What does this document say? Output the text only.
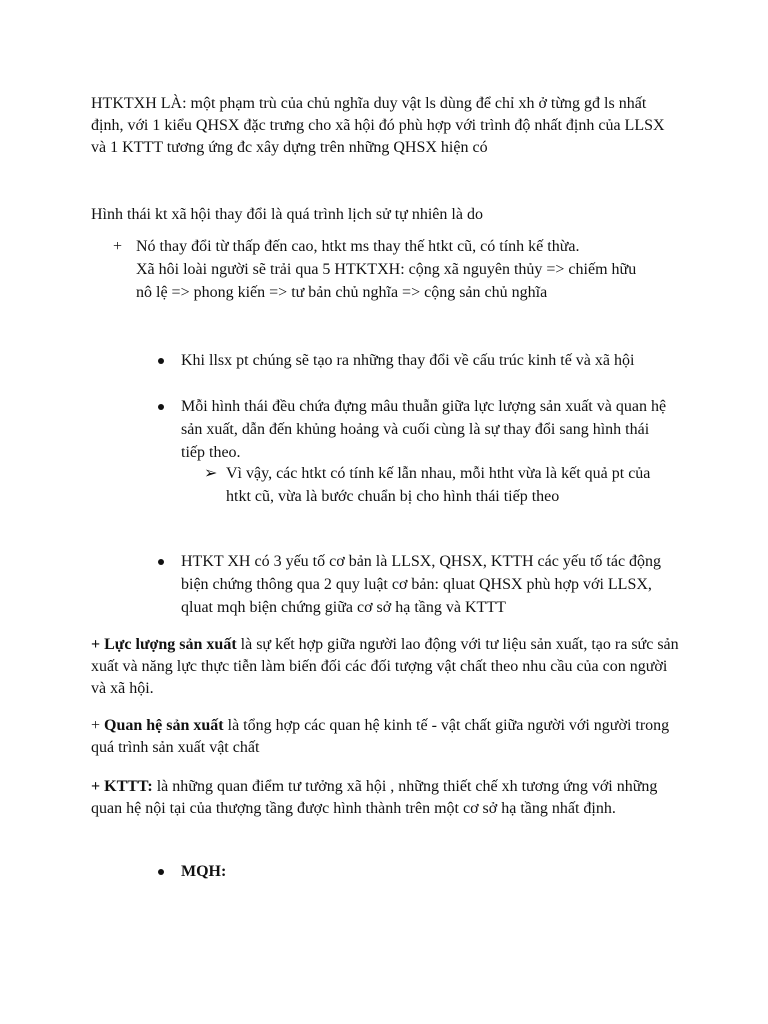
HTKTXH LÀ: một phạm trù của chủ nghĩa duy vật ls dùng để chỉ xh ở từng gđ ls nhất định, với 1 kiểu QHSX đặc trưng cho xã hội đó phù hợp với trình độ nhất định của LLSX và 1 KTTT tương ứng đc xây dựng trên những QHSX hiện có

Hình thái kt xã hội thay đổi là quá trình lịch sử tự nhiên là do

+ Nó thay đổi từ thấp đến cao, htkt ms thay thế htkt cũ, có tính kế thừa.
Xã hôi loài người sẽ trải qua 5 HTKTXH: cộng xã nguyên thủy => chiếm hữu nô lệ => phong kiến => tư bản chủ nghĩa => cộng sản chủ nghĩa
Khi llsx pt chúng sẽ tạo ra những thay đổi về cấu trúc kinh tế và xã hội
Mỗi hình thái đều chứa đựng mâu thuẫn giữa lực lượng sản xuất và quan hệ sản xuất, dẫn đến khủng hoảng và cuối cùng là sự thay đổi sang hình thái tiếp theo.
➢ Vì vậy, các htkt có tính kế lẫn nhau, mỗi htht vừa là kết quả pt của htkt cũ, vừa là bước chuẩn bị cho hình thái tiếp theo
HTKT XH có 3 yếu tố cơ bản là LLSX, QHSX, KTTH các yếu tố tác động biện chứng thông qua 2 quy luật cơ bản: qluat QHSX phù hợp với LLSX, qluat mqh biện chứng giữa cơ sở hạ tầng và KTTT

+ Lực lượng sản xuất là sự kết hợp giữa người lao động với tư liệu sản xuất, tạo ra sức sản xuất và năng lực thực tiễn làm biến đối các đối tượng vật chất theo nhu cầu của con người và xã hội.

+ Quan hệ sản xuất là tổng hợp các quan hệ kinh tế - vật chất giữa người với người trong quá trình sản xuất vật chất

+ KTTT: là những quan điểm tư tưởng xã hội , những thiết chế xh tương ứng với những quan hệ nội tại của thượng tầng được hình thành trên một cơ sở hạ tầng nhất định.

MQH:
